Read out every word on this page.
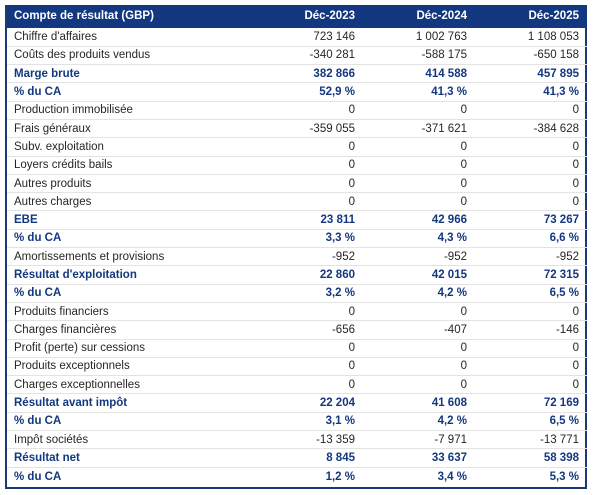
Compte de résultat (GBP)	Déc-2023	Déc-2024	Déc-2025
Chiffre d'affaires	723 146	1 002 763	1 108 053
Coûts des produits vendus	-340 281	-588 175	-650 158
Marge brute	382 866	414 588	457 895
% du CA	52,9 %	41,3 %	41,3 %
Production immobilisée	0	0	0
Frais généraux	-359 055	-371 621	-384 628
Subv. exploitation	0	0	0
Loyers crédits bails	0	0	0
Autres produits	0	0	0
Autres charges	0	0	0
EBE	23 811	42 966	73 267
% du CA	3,3 %	4,3 %	6,6 %
Amortissements et provisions	-952	-952	-952
Résultat d'exploitation	22 860	42 015	72 315
% du CA	3,2 %	4,2 %	6,5 %
Produits financiers	0	0	0
Charges financières	-656	-407	-146
Profit (perte) sur cessions	0	0	0
Produits exceptionnels	0	0	0
Charges exceptionnelles	0	0	0
Résultat avant impôt	22 204	41 608	72 169
% du CA	3,1 %	4,2 %	6,5 %
Impôt sociétés	-13 359	-7 971	-13 771
Résultat net	8 845	33 637	58 398
% du CA	1,2 %	3,4 %	5,3 %
